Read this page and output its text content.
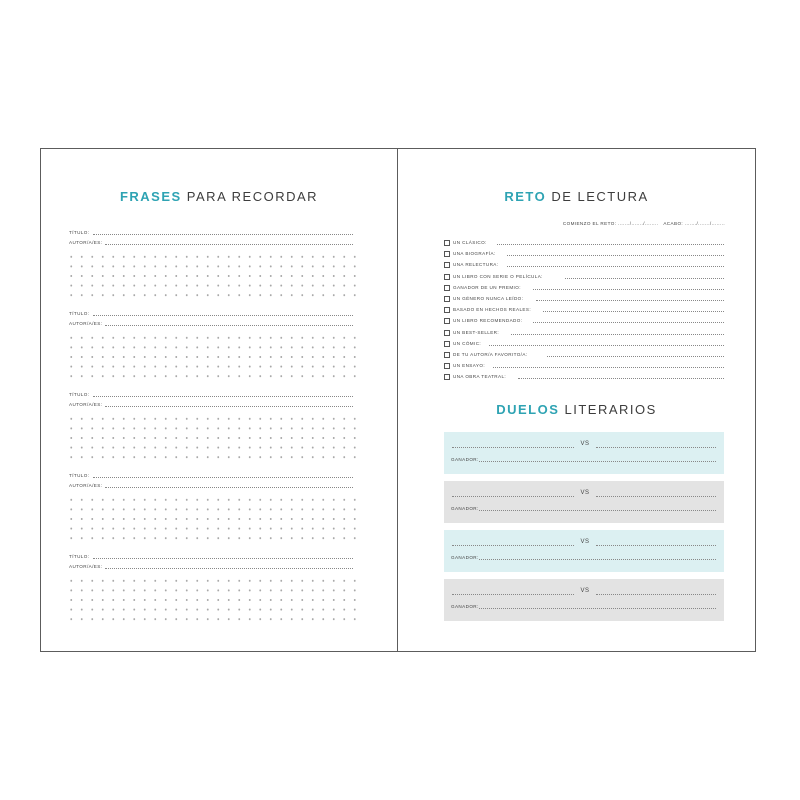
FRASES PARA RECORDAR
TÍTULO:
AUTOR/A/ES:
TÍTULO:
AUTOR/A/ES:
TÍTULO:
AUTOR/A/ES:
TÍTULO:
AUTOR/A/ES:
TÍTULO:
AUTOR/A/ES:
RETO DE LECTURA
COMIENZO EL RETO: ......./......./........ ACABO: ......./......./........
UN CLÁSICO:
UNA BIOGRAFÍA:
UNA RELECTURA:
UN LIBRO CON SERIE O PELÍCULA:
GANADOR DE UN PREMIO:
UN GÉNERO NUNCA LEÍDO:
BASADO EN HECHOS REALES:
UN LIBRO RECOMENDADO:
UN BEST-SELLER:
UN CÓMIC:
DE TU AUTOR/A FAVORITO/A:
UN ENSAYO:
UNA OBRA TEATRAL:
DUELOS LITERARIOS
VS
GANADOR:
VS
GANADOR:
VS
GANADOR:
VS
GANADOR:
